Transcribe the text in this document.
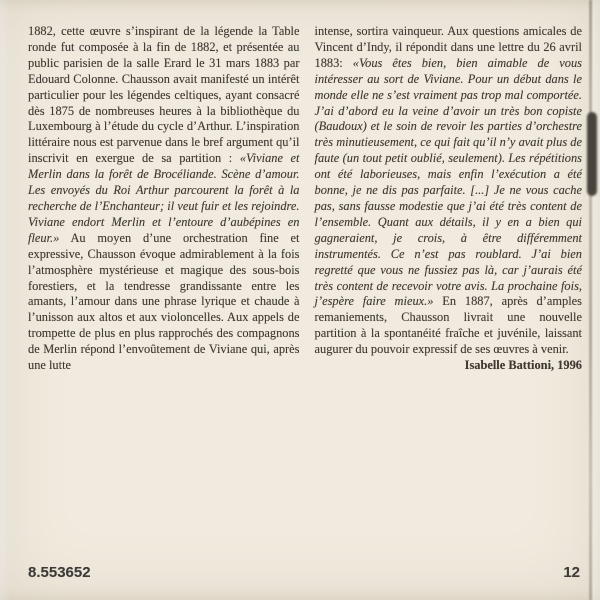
1882, cette œuvre s’inspirant de la légende la Table ronde fut composée à la fin de 1882, et présentée au public parisien de la salle Erard le 31 mars 1883 par Edouard Colonne. Chausson avait manifesté un intérêt particulier pour les légendes celtiques, ayant consacré dès 1875 de nombreuses heures à la bibliothèque du Luxembourg à l’étude du cycle d’Arthur. L’inspiration littéraire nous est parvenue dans le bref argument qu’il inscrivit en exergue de sa partition : «Viviane et Merlin dans la forêt de Brocéliande. Scène d’amour. Les envoyés du Roi Arthur parcourent la forêt à la recherche de l’Enchanteur; il veut fuir et les rejoindre. Viviane endort Merlin et l’entoure d’aubépines en fleur.» Au moyen d’une orchestration fine et expressive, Chausson évoque admirablement à la fois l’atmosphère mystérieuse et magique des sous-bois forestiers, et la tendresse grandissante entre les amants, l’amour dans une phrase lyrique et chaude à l’unisson aux altos et aux violoncelles. Aux appels de trompette de plus en plus rapprochés des compagnons de Merlin répond l’envoûtement de Viviane qui, après une lutte
intense, sortira vainqueur. Aux questions amicales de Vincent d’Indy, il répondit dans une lettre du 26 avril 1883: «Vous êtes bien, bien aimable de vous intéresser au sort de Viviane. Pour un début dans le monde elle ne s’est vraiment pas trop mal comportée. J’ai d’abord eu la veine d’avoir un très bon copiste (Baudoux) et le soin de revoir les parties d’orchestre très minutieusement, ce qui fait qu’il n’y avait plus de faute (un tout petit oublié, seulement). Les répétitions ont été laborieuses, mais enfin l’exécution a été bonne, je ne dis pas parfaite. [...] Je ne vous cache pas, sans fausse modestie que j’ai été très content de l’ensemble. Quant aux détails, il y en a bien qui gagneraient, je crois, à être différemment instrumentés. Ce n’est pas roublard. J’ai bien regretté que vous ne fussiez pas là, car j’aurais été très content de recevoir votre avis. La prochaine fois, j’espère faire mieux.» En 1887, après d’amples remaniements, Chausson livrait une nouvelle partition à la spontanéité fraîche et juvénile, laissant augurer du pouvoir expressif de ses œuvres à venir.
Isabelle Battioni, 1996
8.553652	12
